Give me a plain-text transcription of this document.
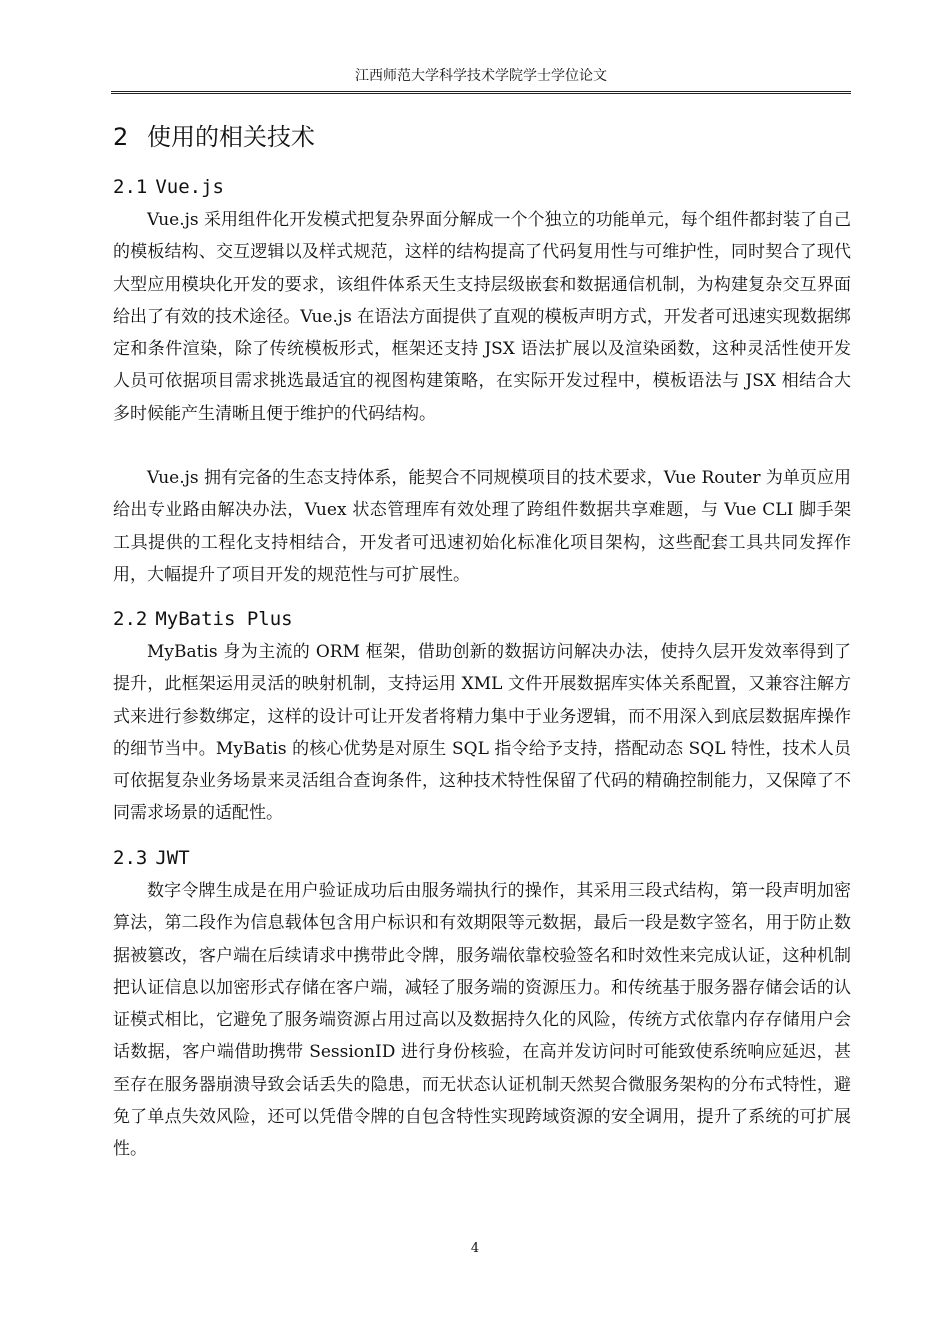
江西师范大学科学技术学院学士学位论文
2 使用的相关技术
2.1 Vue.js

Vue.js 采用组件化开发模式把复杂界面分解成一个个独立的功能单元，每个组件都封装了自己的模板结构、交互逻辑以及样式规范，这样的结构提高了代码复用性与可维护性，同时契合了现代大型应用模块化开发的要求，该组件体系天生支持层级嵌套和数据通信机制，为构建复杂交互界面给出了有效的技术途径。Vue.js 在语法方面提供了直观的模板声明方式，开发者可迅速实现数据绑定和条件渲染，除了传统模板形式，框架还支持 JSX 语法扩展以及渲染函数，这种灵活性使开发人员可依据项目需求挑选最适宜的视图构建策略，在实际开发过程中，模板语法与 JSX 相结合大多时候能产生清晰且便于维护的代码结构。

Vue.js 拥有完备的生态支持体系，能契合不同规模项目的技术要求，Vue Router 为单页应用给出专业路由解决办法，Vuex 状态管理库有效处理了跨组件数据共享难题，与 Vue CLI 脚手架工具提供的工程化支持相结合，开发者可迅速初始化标准化项目架构，这些配套工具共同发挥作用，大幅提升了项目开发的规范性与可扩展性。

2.2 MyBatis Plus

MyBatis 身为主流的 ORM 框架，借助创新的数据访问解决办法，使持久层开发效率得到了提升，此框架运用灵活的映射机制，支持运用 XML 文件开展数据库实体关系配置，又兼容注解方式来进行参数绑定，这样的设计可让开发者将精力集中于业务逻辑，而不用深入到底层数据库操作的细节当中。MyBatis 的核心优势是对原生 SQL 指令给予支持，搭配动态 SQL 特性，技术人员可依据复杂业务场景来灵活组合查询条件，这种技术特性保留了代码的精确控制能力，又保障了不同需求场景的适配性。

2.3 JWT

数字令牌生成是在用户验证成功后由服务端执行的操作，其采用三段式结构，第一段声明加密算法，第二段作为信息载体包含用户标识和有效期限等元数据，最后一段是数字签名，用于防止数据被篡改，客户端在后续请求中携带此令牌，服务端依靠校验签名和时效性来完成认证，这种机制把认证信息以加密形式存储在客户端，减轻了服务端的资源压力。和传统基于服务器存储会话的认证模式相比，它避免了服务端资源占用过高以及数据持久化的风险，传统方式依靠内存存储用户会话数据，客户端借助携带 SessionID 进行身份核验，在高并发访问时可能致使系统响应延迟，甚至存在服务器崩溃导致会话丢失的隐患，而无状态认证机制天然契合微服务架构的分布式特性，避免了单点失效风险，还可以凭借令牌的自包含特性实现跨域资源的安全调用，提升了系统的可扩展性。

4
